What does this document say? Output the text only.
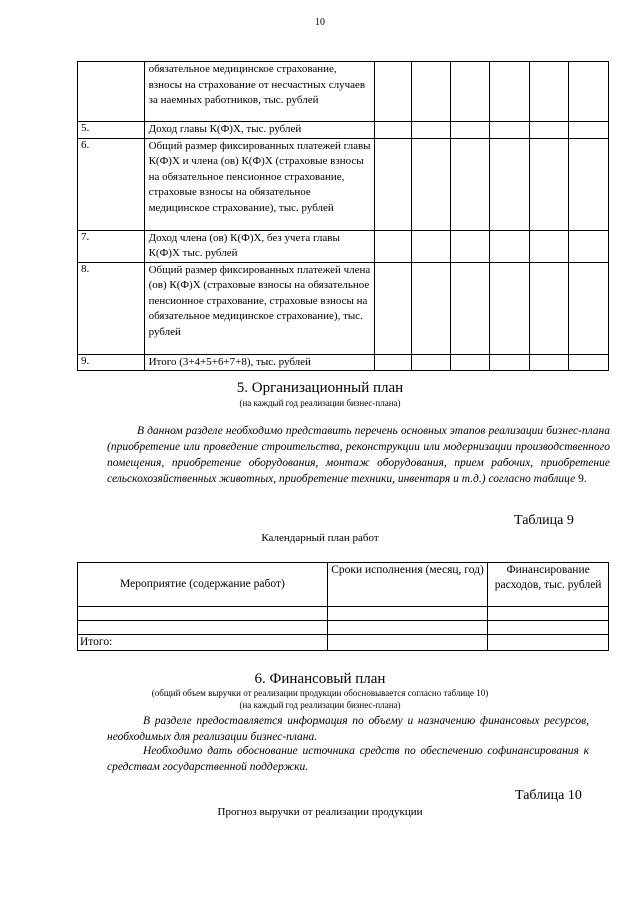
10
	обязательное медицинское страхование, взносы на страхование от несчастных случаев за наемных работников, тыс. рублей						
5.	Доход главы К(Ф)Х, тыс. рублей						
6.	Общий размер фиксированных платежей главы К(Ф)Х и члена (ов) К(Ф)Х (страховые взносы на обязательное пенсионное страхование, страховые взносы на обязательное медицинское страхование), тыс. рублей						
7.	Доход члена (ов) К(Ф)Х, без учета главы К(Ф)Х тыс. рублей						
8.	Общий размер фиксированных платежей члена (ов) К(Ф)Х (страховые взносы на обязательное пенсионное страхование, страховые взносы на обязательное медицинское страхование), тыс. рублей						
9.	Итого (3+4+5+6+7+8), тыс. рублей						
5. Организационный план
(на каждый год реализации бизнес-плана)
В данном разделе необходимо представить перечень основных этапов реализации бизнес-плана (приобретение или проведение строительства, реконструкции или модернизации производственного помещения, приобретение оборудования, монтаж оборудования, прием рабочих, приобретение сельскохозяйственных животных, приобретение техники, инвентаря и т.д.) согласно таблице 9.
Таблица 9
Календарный план работ
Мероприятие (содержание работ)	Сроки исполнения (месяц, год)	Финансирование расходов, тыс. рублей

Итого:		
6. Финансовый план
(общий объем выручки от реализации продукции обосновывается согласно таблице 10)
(на каждый год реализации бизнес-плана)
В разделе предоставляется информация по объему и назначению финансовых ресурсов, необходимых для реализации бизнес-плана.
Необходимо дать обоснование источника средств по обеспечению софинансирования к средствам государственной поддержки.
Таблица 10
Прогноз выручки от реализации продукции
